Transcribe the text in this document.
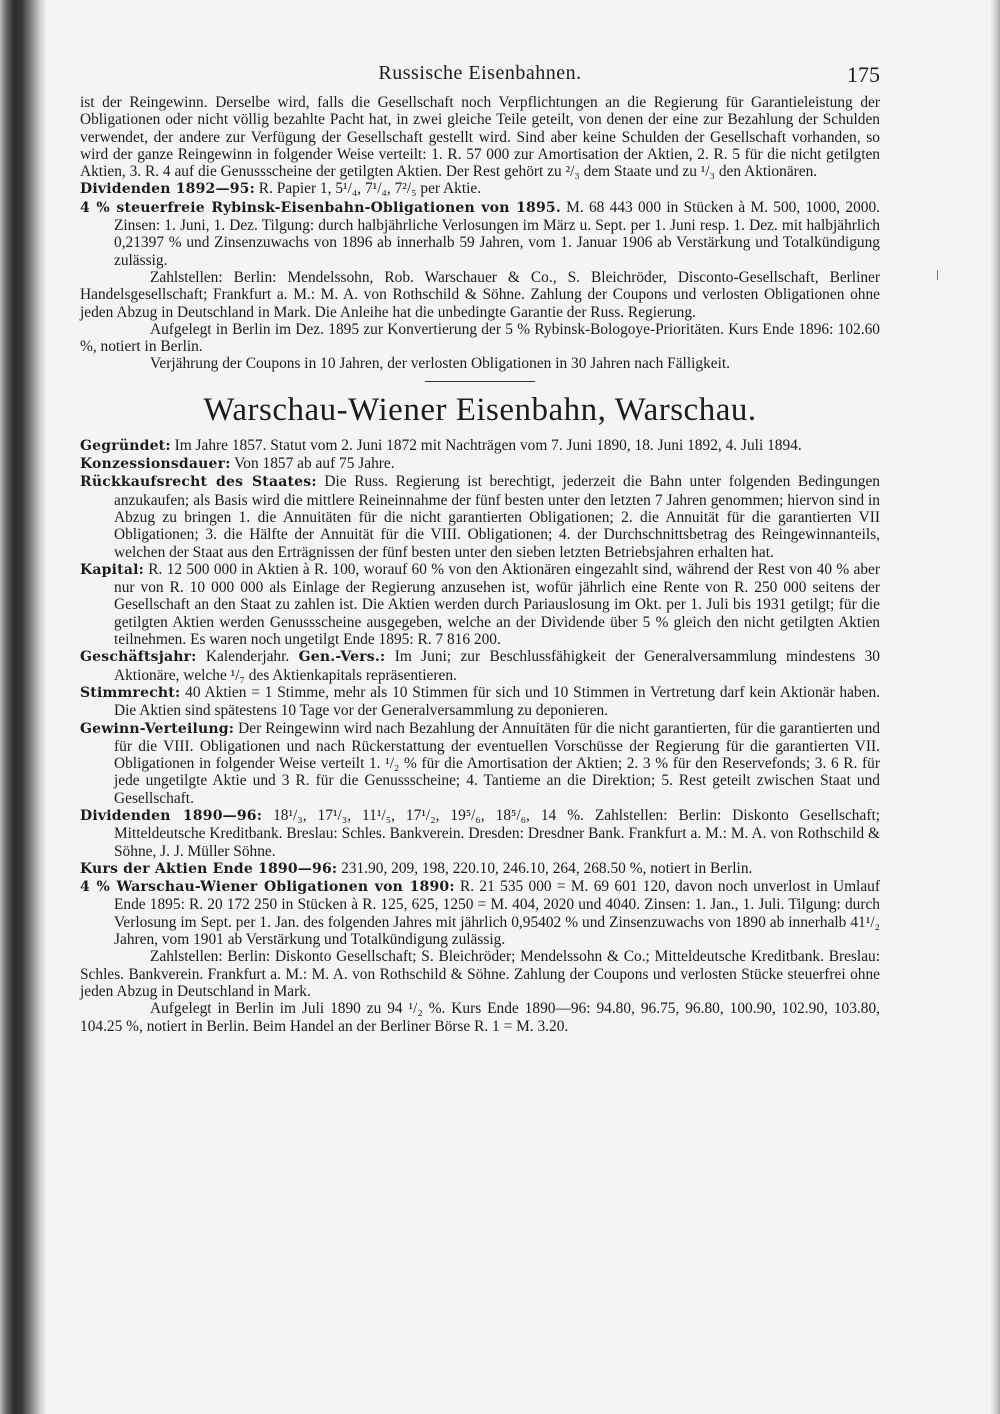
Russische Eisenbahnen.	175

ist der Reingewinn. Derselbe wird, falls die Gesellschaft noch Verpflichtungen an die Regierung für Garantieleistung der Obligationen oder nicht völlig bezahlte Pacht hat, in zwei gleiche Teile geteilt, von denen der eine zur Bezahlung der Schulden verwendet, der andere zur Verfügung der Gesellschaft gestellt wird. Sind aber keine Schulden der Gesellschaft vorhanden, so wird der ganze Reingewinn in folgender Weise verteilt: 1. R. 57 000 zur Amortisation der Aktien, 2. R. 5 für die nicht getilgten Aktien, 3. R. 4 auf die Genussscheine der getilgten Aktien. Der Rest gehört zu ²/₃ dem Staate und zu ¹/₃ den Aktionären.

Dividenden 1892—95: R. Papier 1, 5¹/₄, 7¹/₄, 7²/₅ per Aktie.

4 % steuerfreie Rybinsk-Eisenbahn-Obligationen von 1895. M. 68 443 000 in Stücken à M. 500, 1000, 2000. Zinsen: 1. Juni, 1. Dez. Tilgung: durch halbjährliche Verlosungen im März u. Sept. per 1. Juni resp. 1. Dez. mit halbjährlich 0,21397 % und Zinsenzuwachs von 1896 ab innerhalb 59 Jahren, vom 1. Januar 1906 ab Verstärkung und Totalkündigung zulässig.

Zahlstellen: Berlin: Mendelssohn, Rob. Warschauer & Co., S. Bleichröder, Disconto-Gesellschaft, Berliner Handelsgesellschaft; Frankfurt a. M.: M. A. von Rothschild & Söhne. Zahlung der Coupons und verlosten Obligationen ohne jeden Abzug in Deutschland in Mark. Die Anleihe hat die unbedingte Garantie der Russ. Regierung.

Aufgelegt in Berlin im Dez. 1895 zur Konvertierung der 5 % Rybinsk-Bologoye-Prioritäten. Kurs Ende 1896: 102.60 %, notiert in Berlin.

Verjährung der Coupons in 10 Jahren, der verlosten Obligationen in 30 Jahren nach Fälligkeit.

Warschau-Wiener Eisenbahn, Warschau.

Gegründet: Im Jahre 1857. Statut vom 2. Juni 1872 mit Nachträgen vom 7. Juni 1890, 18. Juni 1892, 4. Juli 1894.

Konzessionsdauer: Von 1857 ab auf 75 Jahre.

Rückkaufsrecht des Staates: Die Russ. Regierung ist berechtigt, jederzeit die Bahn unter folgenden Bedingungen anzukaufen; als Basis wird die mittlere Reineinnahme der fünf besten unter den letzten 7 Jahren genommen; hiervon sind in Abzug zu bringen 1. die Annuitäten für die nicht garantierten Obligationen; 2. die Annuität für die garantierten VII Obligationen; 3. die Hälfte der Annuität für die VIII. Obligationen; 4. der Durchschnittsbetrag des Reingewinnanteils, welchen der Staat aus den Erträgnissen der fünf besten unter den sieben letzten Betriebsjahren erhalten hat.

Kapital: R. 12 500 000 in Aktien à R. 100, worauf 60 % von den Aktionären eingezahlt sind, während der Rest von 40 % aber nur von R. 10 000 000 als Einlage der Regierung anzusehen ist, wofür jährlich eine Rente von R. 250 000 seitens der Gesellschaft an den Staat zu zahlen ist. Die Aktien werden durch Pariauslosung im Okt. per 1. Juli bis 1931 getilgt; für die getilgten Aktien werden Genussscheine ausgegeben, welche an der Dividende über 5 % gleich den nicht getilgten Aktien teilnehmen. Es waren noch ungetilgt Ende 1895: R. 7 816 200.

Geschäftsjahr: Kalenderjahr. Gen.-Vers.: Im Juni; zur Beschlussfähigkeit der Generalversammlung mindestens 30 Aktionäre, welche ¹/₇ des Aktienkapitals repräsentieren.

Stimmrecht: 40 Aktien = 1 Stimme, mehr als 10 Stimmen für sich und 10 Stimmen in Vertretung darf kein Aktionär haben. Die Aktien sind spätestens 10 Tage vor der Generalversammlung zu deponieren.

Gewinn-Verteilung: Der Reingewinn wird nach Bezahlung der Annuitäten für die nicht garantierten, für die garantierten und für die VIII. Obligationen und nach Rückerstattung der eventuellen Vorschüsse der Regierung für die garantierten VII. Obligationen in folgender Weise verteilt 1. ¹/₂ % für die Amortisation der Aktien; 2. 3 % für den Reservefonds; 3. 6 R. für jede ungetilgte Aktie und 3 R. für die Genussscheine; 4. Tantieme an die Direktion; 5. Rest geteilt zwischen Staat und Gesellschaft.

Dividenden 1890—96: 18¹/₃, 17¹/₃, 11¹/₅, 17¹/₂, 19⁵/₆, 18⁵/₆, 14 %. Zahlstellen: Berlin: Diskonto Gesellschaft; Mitteldeutsche Kreditbank. Breslau: Schles. Bankverein. Dresden: Dresdner Bank. Frankfurt a. M.: M. A. von Rothschild & Söhne, J. J. Müller Söhne.

Kurs der Aktien Ende 1890—96: 231.90, 209, 198, 220.10, 246.10, 264, 268.50 %, notiert in Berlin.

4 % Warschau-Wiener Obligationen von 1890: R. 21 535 000 = M. 69 601 120, davon noch unverlost in Umlauf Ende 1895: R. 20 172 250 in Stücken à R. 125, 625, 1250 = M. 404, 2020 und 4040. Zinsen: 1. Jan., 1. Juli. Tilgung: durch Verlosung im Sept. per 1. Jan. des folgenden Jahres mit jährlich 0,95402 % und Zinsenzuwachs von 1890 ab innerhalb 41¹/₂ Jahren, vom 1901 ab Verstärkung und Totalkündigung zulässig.

Zahlstellen: Berlin: Diskonto Gesellschaft; S. Bleichröder; Mendelssohn & Co.; Mitteldeutsche Kreditbank. Breslau: Schles. Bankverein. Frankfurt a. M.: M. A. von Rothschild & Söhne. Zahlung der Coupons und verlosten Stücke steuerfrei ohne jeden Abzug in Deutschland in Mark.

Aufgelegt in Berlin im Juli 1890 zu 94 ¹/₂ %. Kurs Ende 1890—96: 94.80, 96.75, 96.80, 100.90, 102.90, 103.80, 104.25 %, notiert in Berlin. Beim Handel an der Berliner Börse R. 1 = M. 3.20.
